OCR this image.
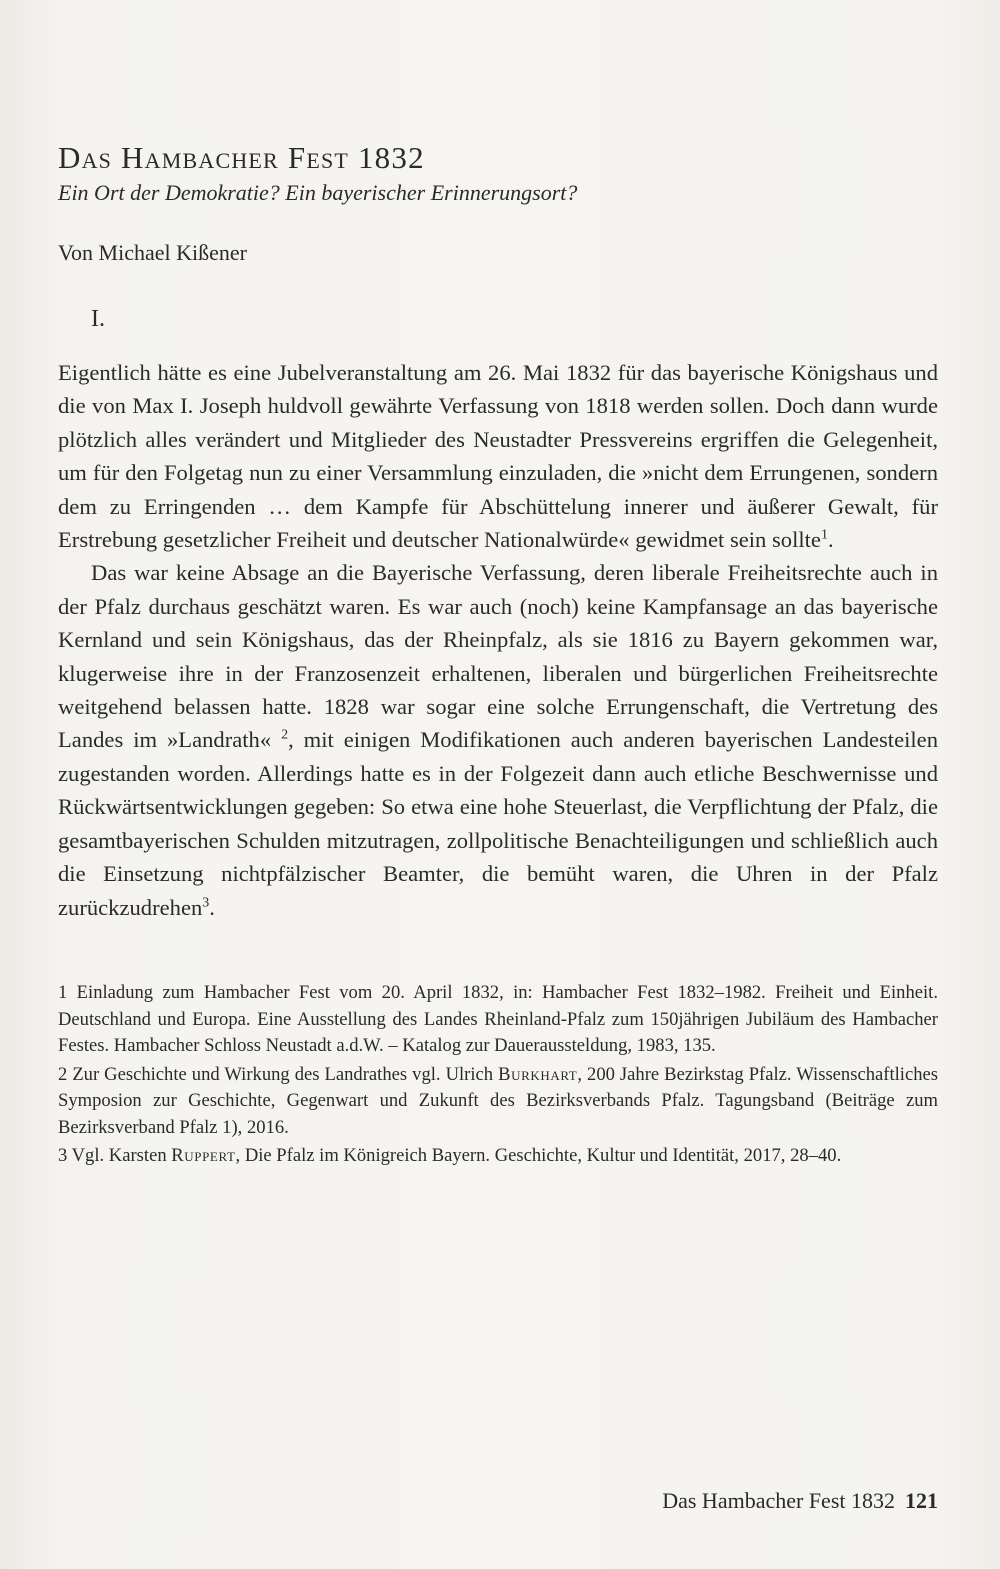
Das Hambacher Fest 1832

Ein Ort der Demokratie? Ein bayerischer Erinnerungsort?

Von Michael Kißener
I.

Eigentlich hätte es eine Jubelveranstaltung am 26. Mai 1832 für das bayerische Königshaus und die von Max I. Joseph huldvoll gewährte Verfassung von 1818 werden sollen. Doch dann wurde plötzlich alles verändert und Mitglieder des Neustadter Pressvereins ergriffen die Gelegenheit, um für den Folgetag nun zu einer Versammlung einzuladen, die »nicht dem Errungenen, sondern dem zu Erringenden … dem Kampfe für Abschüttelung innerer und äußerer Gewalt, für Erstrebung gesetzlicher Freiheit und deutscher Nationalwürde« gewidmet sein sollte$^1$.

Das war keine Absage an die Bayerische Verfassung, deren liberale Freiheitsrechte auch in der Pfalz durchaus geschätzt waren. Es war auch (noch) keine Kampfansage an das bayerische Kernland und sein Königshaus, das der Rheinpfalz, als sie 1816 zu Bayern gekommen war, klugerweise ihre in der Franzosenzeit erhaltenen, liberalen und bürgerlichen Freiheitsrechte weitgehend belassen hatte. 1828 war sogar eine solche Errungenschaft, die Vertretung des Landes im »Landrath« $^2$, mit einigen Modifikationen auch anderen bayerischen Landesteilen zugestanden worden. Allerdings hatte es in der Folgezeit dann auch etliche Beschwernisse und Rückwärtsentwicklungen gegeben: So etwa eine hohe Steuerlast, die Verpflichtung der Pfalz, die gesamtbayerischen Schulden mitzutragen, zollpolitische Benachteiligungen und schließlich auch die Einsetzung nichtpfälzischer Beamter, die bemüht waren, die Uhren in der Pfalz zurückzudrehen$^3$.

1 Einladung zum Hambacher Fest vom 20. April 1832, in: Hambacher Fest 1832–1982. Freiheit und Einheit. Deutschland und Europa. Eine Ausstellung des Landes Rheinland-Pfalz zum 150jährigen Jubiläum des Hambacher Festes. Hambacher Schloss Neustadt a.d.W. – Katalog zur Daueraussteldung, 1983, 135.

2 Zur Geschichte und Wirkung des Landrathes vgl. Ulrich Burkhart, 200 Jahre Bezirkstag Pfalz. Wissenschaftliches Symposion zur Geschichte, Gegenwart und Zukunft des Bezirksverbands Pfalz. Tagungsband (Beiträge zum Bezirksverband Pfalz 1), 2016.

3 Vgl. Karsten Ruppert, Die Pfalz im Königreich Bayern. Geschichte, Kultur und Identität, 2017, 28–40.

Das Hambacher Fest 1832 121
